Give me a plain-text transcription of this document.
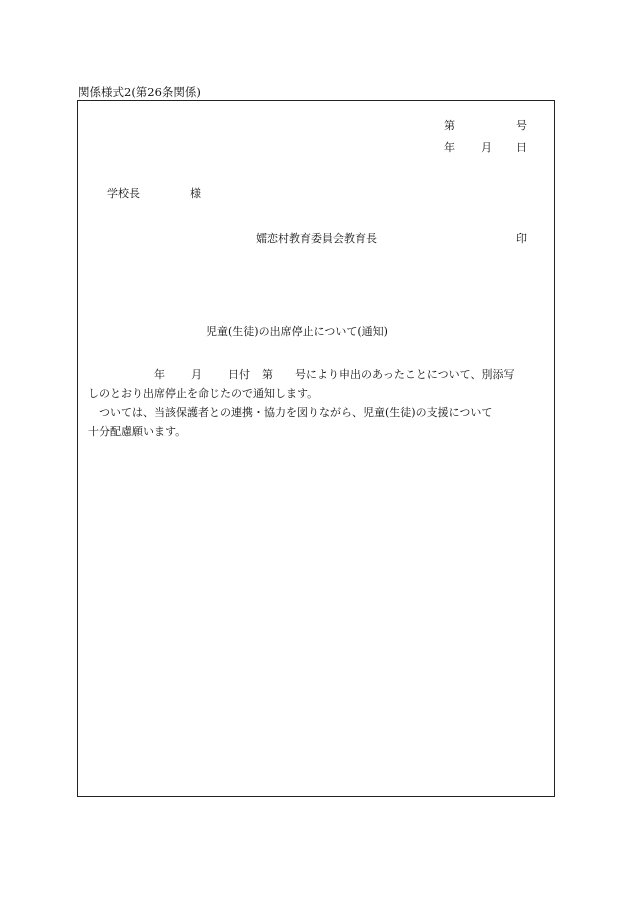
関係様式2(第26条関係)
第	号
年 月 日
学校長	様
嬬恋村教育委員会教育長	印
児童(生徒)の出席停止について(通知)
年 月 日付 第 号により申出のあったことについて、別添写
しのとおり出席停止を命じたので通知します。
ついては、当該保護者との連携・協力を図りながら、児童(生徒)の支援について
十分配慮願います。
